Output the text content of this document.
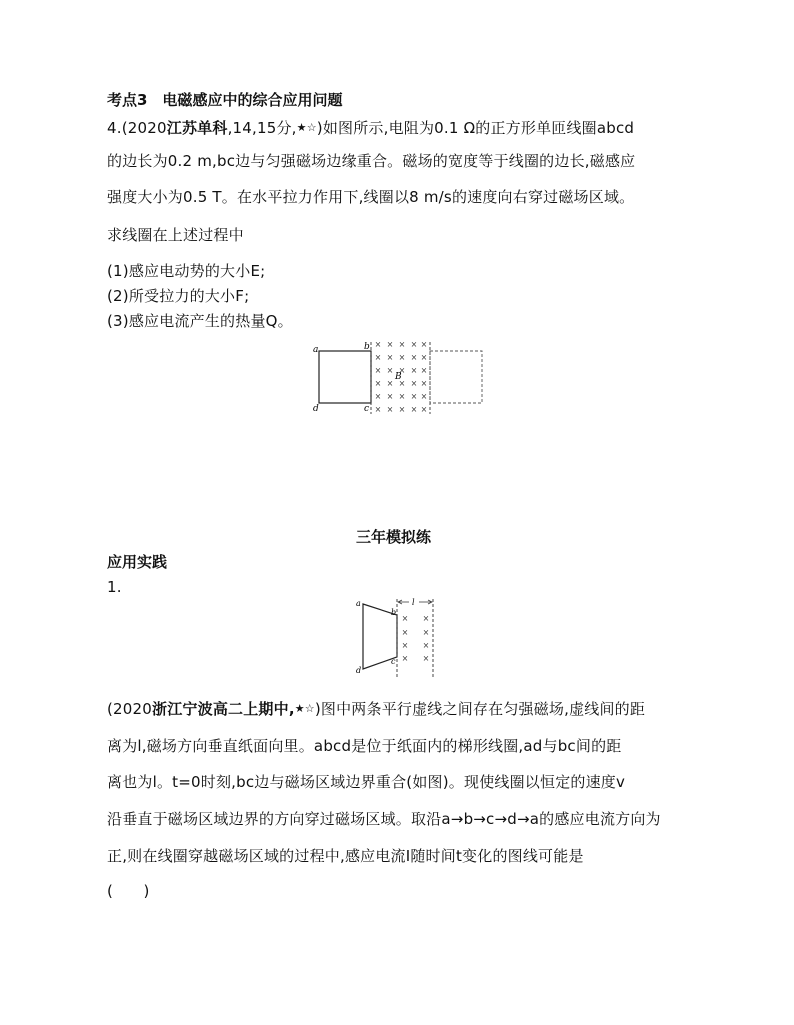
考点3　电磁感应中的综合应用问题
4.(2020江苏单科,14,15分,★☆)如图所示,电阻为0.1 Ω的正方形单匝线圈abcd
的边长为0.2 m,bc边与匀强磁场边缘重合。磁场的宽度等于线圈的边长,磁感应
强度大小为0.5 T。在水平拉力作用下,线圈以8 m/s的速度向右穿过磁场区域。
求线圈在上述过程中
(1)感应电动势的大小E;
(2)所受拉力的大小F;
(3)感应电流产生的热量Q。
a	b
c
d
× × × × ×
× × × × ×
× × × × ×
× × × × ×
× × × × ×
× × × × ×
B
三年模拟练
应用实践
1.
a
b
c
d
l
× ×
× ×
× ×
× ×
(2020浙江宁波高二上期中,★☆)图中两条平行虚线之间存在匀强磁场,虚线间的距
离为l,磁场方向垂直纸面向里。abcd是位于纸面内的梯形线圈,ad与bc间的距
离也为l。t=0时刻,bc边与磁场区域边界重合(如图)。现使线圈以恒定的速度v
沿垂直于磁场区域边界的方向穿过磁场区域。取沿a→b→c→d→a的感应电流方向为
正,则在线圈穿越磁场区域的过程中,感应电流I随时间t变化的图线可能是
(　　)
